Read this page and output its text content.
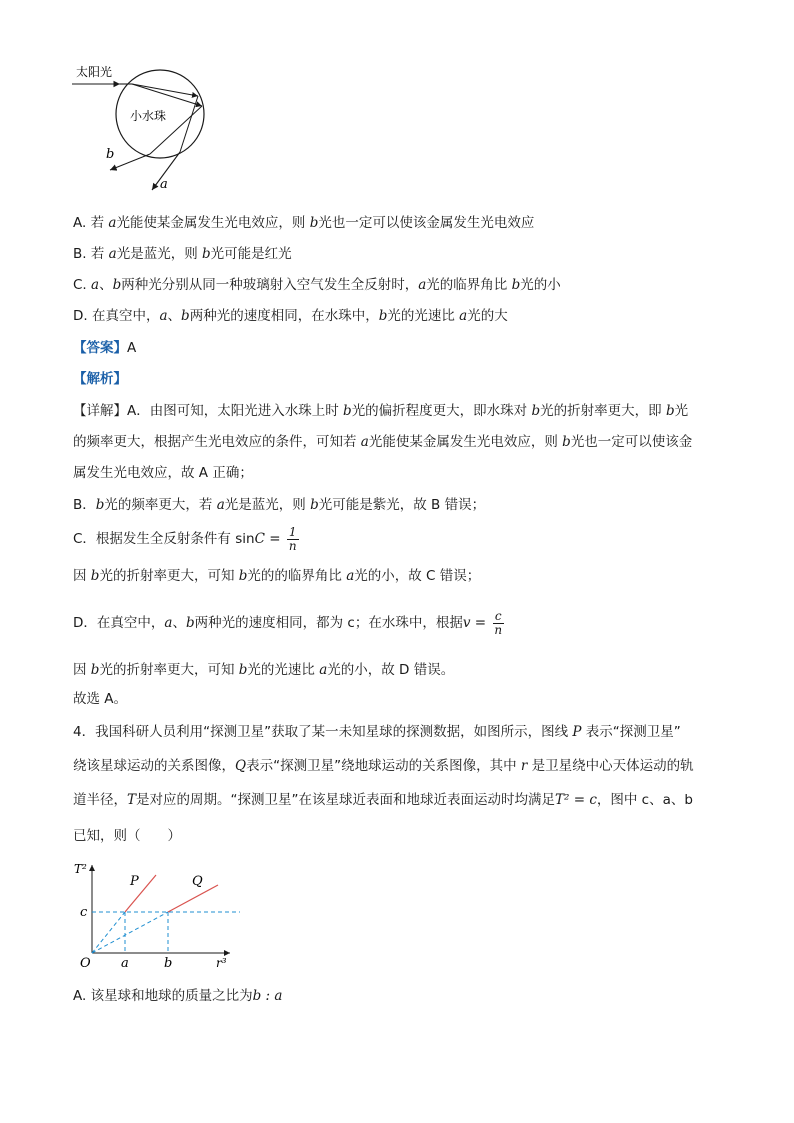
太阳光
小水珠
b
a
A. 若 a光能使某金属发生光电效应，则 b光也一定可以使该金属发生光电效应
B. 若 a光是蓝光，则 b光可能是红光
C. a、b两种光分别从同一种玻璃射入空气发生全反射时，a光的临界角比 b光的小
D. 在真空中，a、b两种光的速度相同，在水珠中，b光的光速比 a光的大
【答案】A
【解析】
【详解】A．由图可知，太阳光进入水珠上时 b光的偏折程度更大，即水珠对 b光的折射率更大，即 b光
的频率更大，根据产生光电效应的条件，可知若 a光能使某金属发生光电效应，则 b光也一定可以使该金
属发生光电效应，故 A 正确；
B．b光的频率更大，若 a光是蓝光，则 b光可能是紫光，故 B 错误；
C．根据发生全反射条件有 $\sin C = \frac{1}{n}$
因 b光的折射率更大，可知 b光的的临界角比 a光的小，故 C 错误；
D．在真空中，a、b两种光的速度相同，都为 c；在水珠中，根据$v = \frac{c}{n}$
因 b光的折射率更大，可知 b光的光速比 a光的小，故 D 错误。
故选 A。
4．我国科研人员利用“探测卫星”获取了某一未知星球的探测数据，如图所示，图线 P 表示“探测卫星”
绕该星球运动的关系图像，Q表示“探测卫星”绕地球运动的关系图像，其中 r 是卫星绕中心天体运动的轨
道半径，T是对应的周期。“探测卫星”在该星球近表面和地球近表面运动时均满足T² = c，图中 c、a、b
已知，则（　　）
T²
r³
O
P	Q
c
a	b
A. 该星球和地球的质量之比为b : a
